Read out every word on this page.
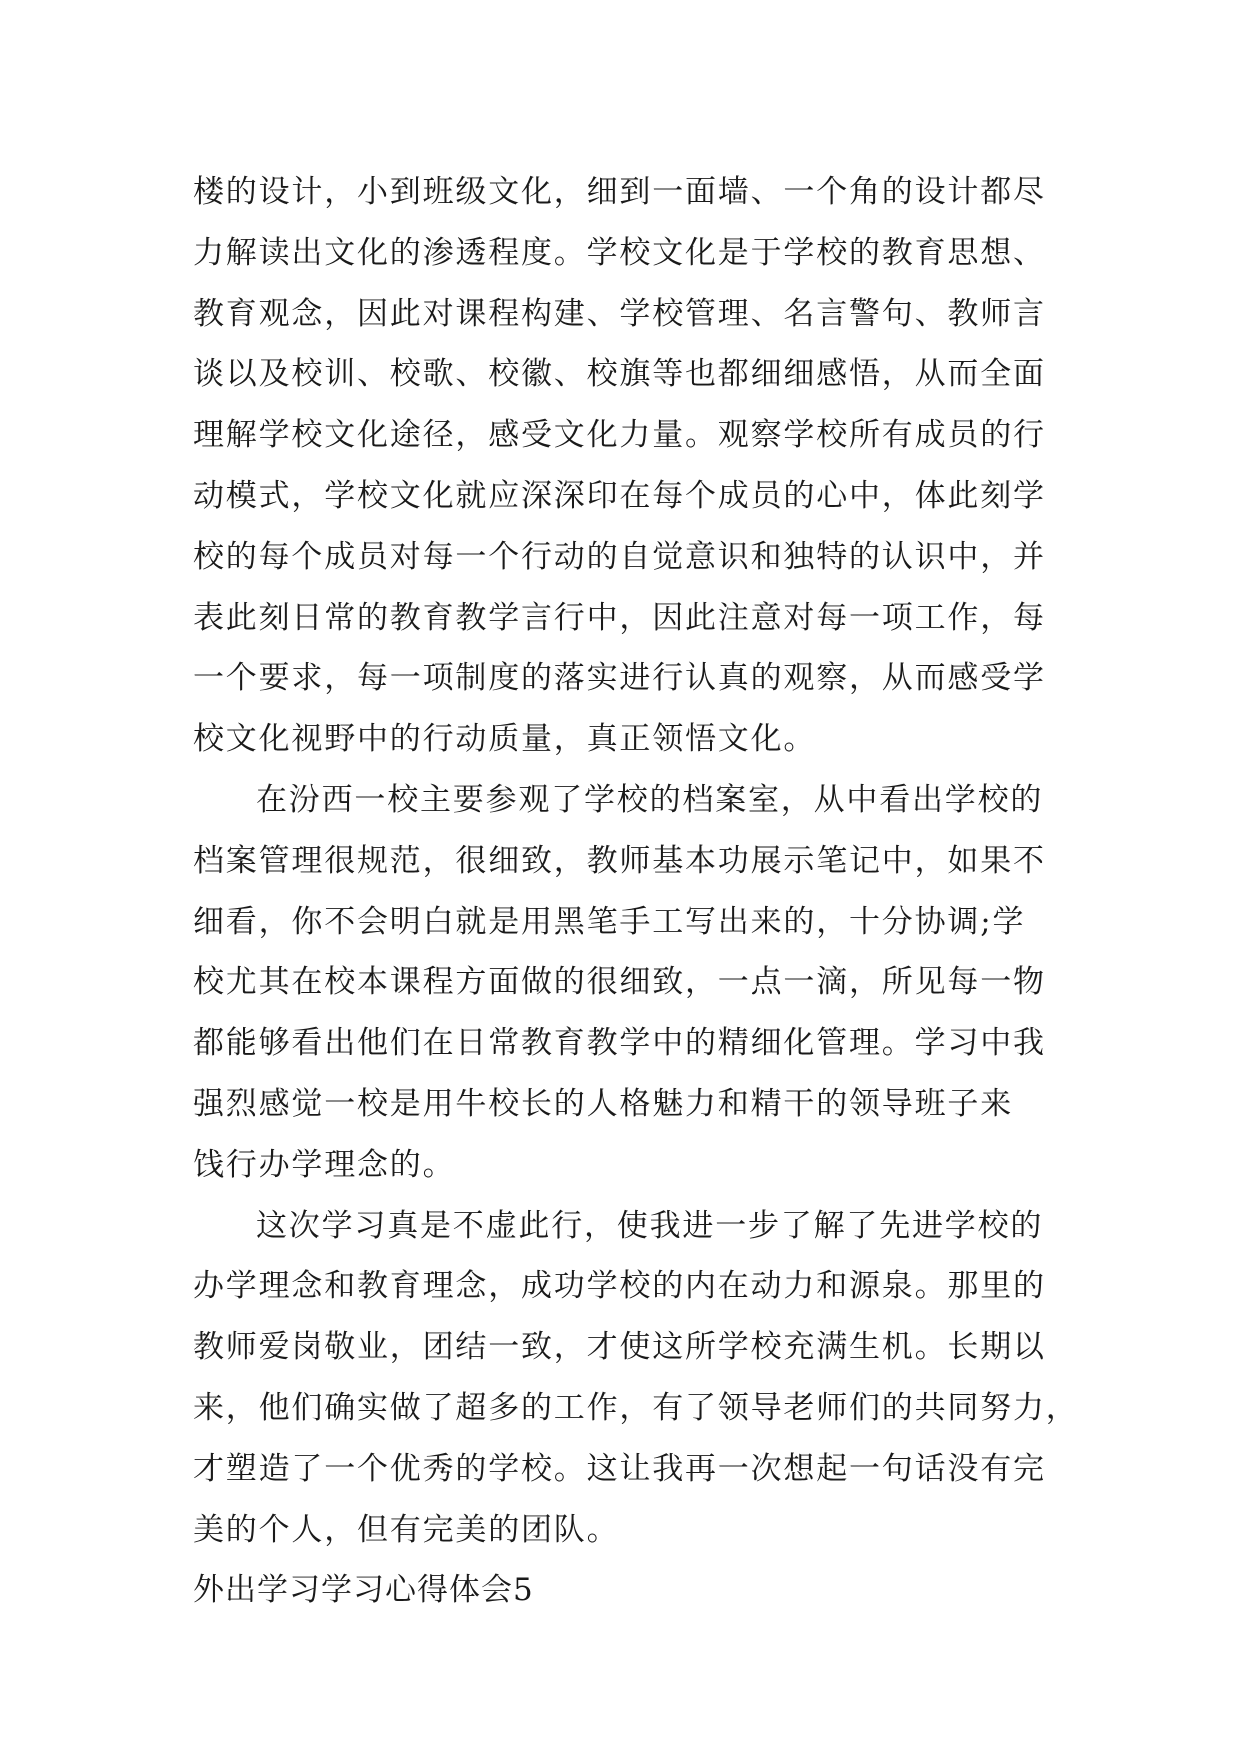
楼的设计，小到班级文化，细到一面墙、一个角的设计都尽
力解读出文化的渗透程度。学校文化是于学校的教育思想、
教育观念，因此对课程构建、学校管理、名言警句、教师言
谈以及校训、校歌、校徽、校旗等也都细细感悟，从而全面
理解学校文化途径，感受文化力量。观察学校所有成员的行
动模式，学校文化就应深深印在每个成员的心中，体此刻学
校的每个成员对每一个行动的自觉意识和独特的认识中，并
表此刻日常的教育教学言行中，因此注意对每一项工作，每
一个要求，每一项制度的落实进行认真的观察，从而感受学
校文化视野中的行动质量，真正领悟文化。
在汾西一校主要参观了学校的档案室，从中看出学校的
档案管理很规范，很细致，教师基本功展示笔记中，如果不
细看，你不会明白就是用黑笔手工写出来的，十分协调;学
校尤其在校本课程方面做的很细致，一点一滴，所见每一物
都能够看出他们在日常教育教学中的精细化管理。学习中我
强烈感觉一校是用牛校长的人格魅力和精干的领导班子来
饯行办学理念的。
这次学习真是不虚此行，使我进一步了解了先进学校的
办学理念和教育理念，成功学校的内在动力和源泉。那里的
教师爱岗敬业，团结一致，才使这所学校充满生机。长期以
来，他们确实做了超多的工作，有了领导老师们的共同努力，
才塑造了一个优秀的学校。这让我再一次想起一句话没有完
美的个人，但有完美的团队。
外出学习学习心得体会5
